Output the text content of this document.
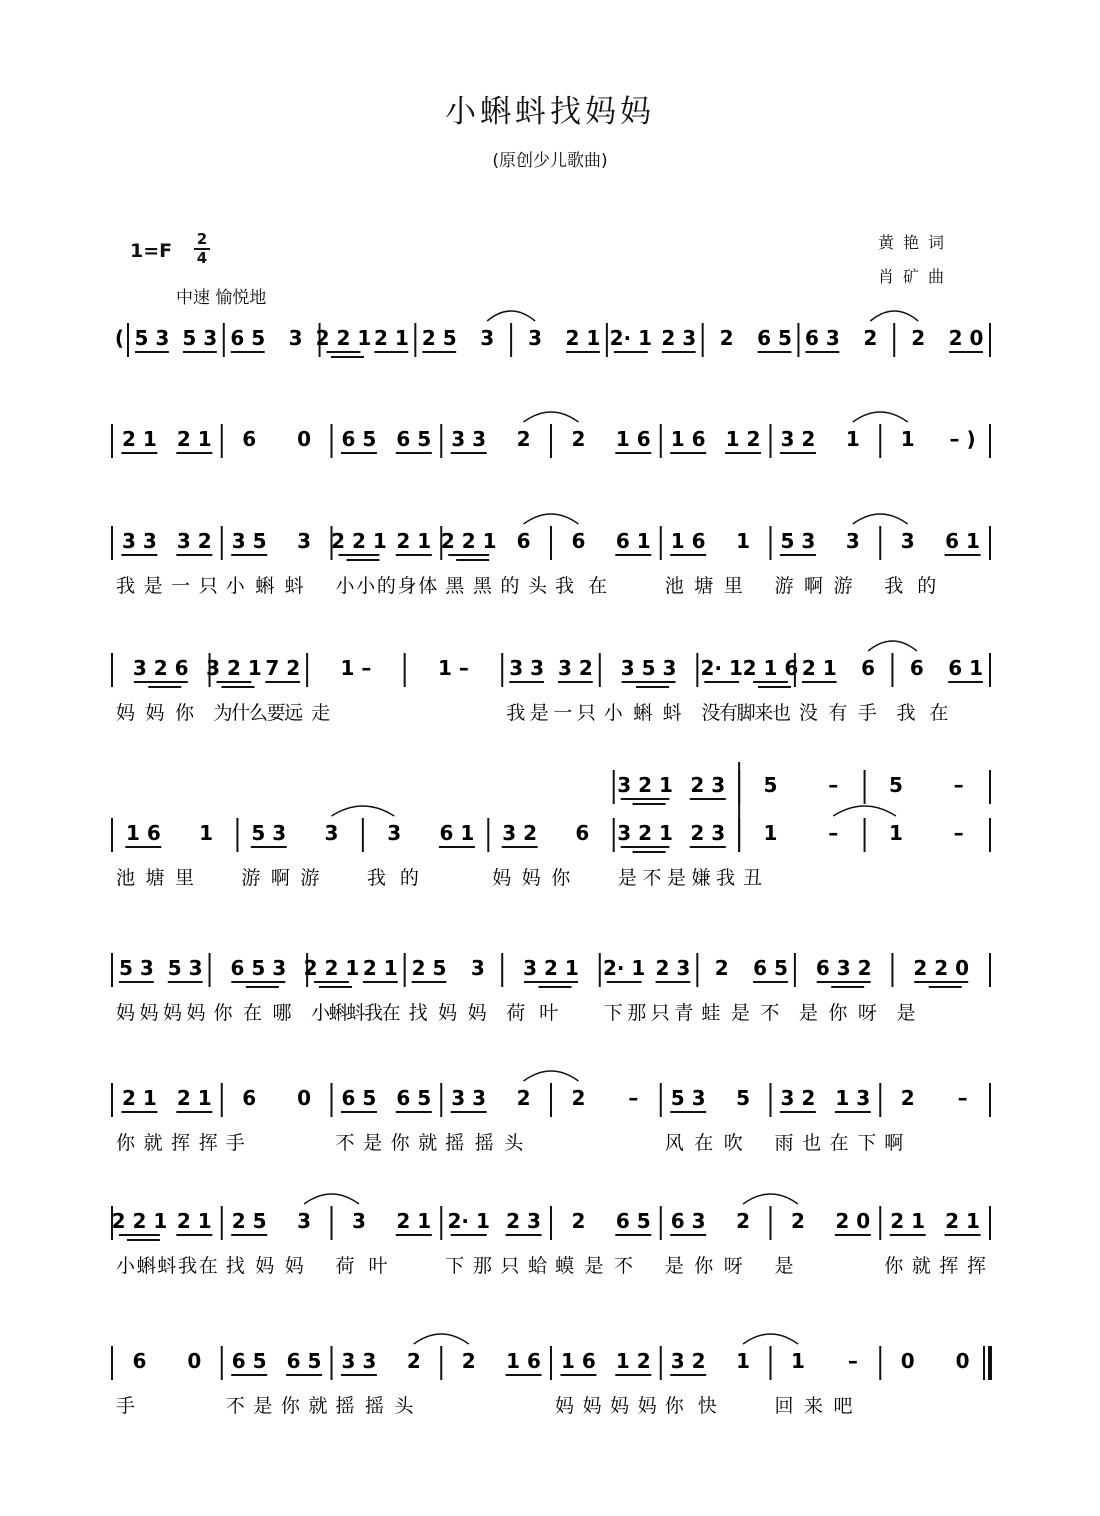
小蝌蚪找妈妈
(原创少儿歌曲)
1=F
2
4
中速 愉悦地
黄艳词
肖矿曲
( 5 3 5 3 6 5 3 2 2 1 2 1 2 5 3 3 2 1 2· 1 2 3 2 6 5 6 3 2 2 2 0
2 1 2 1 6 0 6 5 6 5 3 3 2 2 1 6 1 6 1 2 3 2 1 1 – )
3 3 3 2 3 5 3 2 2 1 2 1 2 2 1 6 6 6 1 1 6 1 5 3 3 3 6 1
我是一只 小蝌蚪 小小的身体 黑黑的头 我在	池塘里 游啊游 我的
3 2 6 3 2 1 7 2 1 –	1 – 3 3 3 2 3 5 3 2· 1 2 1 6 2 1 6 6 6 1
妈妈你 为什么要远 走	我是一只 小蝌蚪 没有脚来也 没有手 我在
1 6 1 5 3 3 3 6 1 3 2 6 3 2 1 2 3 1	–	1	–
3 2 1 2 3 5	–	5	–
池塘里 游啊游 我的	妈妈你 是不是嫌我 丑
5 3 5 3 6 5 3 2 2 1 2 1 2 5 3 3 2 1 2· 1 2 3 2 6 5 6 3 2 2 2 0
妈妈妈妈 你在哪 小蝌蚪我在 找妈妈 荷叶 下那只青 蛙是不 是你呀 是
2 1 2 1 6 0 6 5 6 5 3 3 2 2 – 5 3 5 3 2 1 3 2 –
你就挥挥 手	不是你就 摇摇头	风在吹 雨也在下 啊
2 2 1 2 1 2 5 3 3 2 1 2· 1 2 3 2 6 5 6 3 2 2 2 0 2 1 2 1
小蝌蚪我在 找妈妈 荷叶	下那只蛤 蟆是不 是你呀 是	你就挥挥
6 0 6 5 6 5 3 3 2 2 1 6 1 6 1 2 3 2 1 1 – 0 0
手	不是你就 摇摇头	妈妈妈妈 你快	回来吧
